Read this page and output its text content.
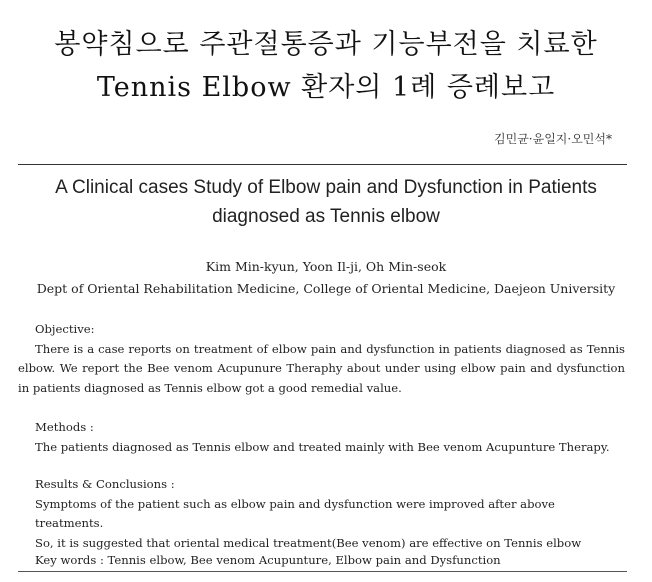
봉약침으로 주관절통증과 기능부전을 치료한
Tennis Elbow 환자의 1례 증례보고
김민균·윤일지·오민석*
A Clinical cases Study of Elbow pain and Dysfunction in Patients
diagnosed as Tennis elbow
Kim Min-kyun, Yoon Il-ji, Oh Min-seok
Dept of Oriental Rehabilitation Medicine, College of Oriental Medicine, Daejeon University
Objective:
There is a case reports on treatment of elbow pain and dysfunction in patients diagnosed as Tennis elbow. We report the Bee venom Acupunure Theraphy about under using elbow pain and dysfunction in patients diagnosed as Tennis elbow got a good remedial value.
Methods :
The patients diagnosed as Tennis elbow and treated mainly with Bee venom Acupunture Therapy.
Results & Conclusions :
Symptoms of the patient such as elbow pain and dysfunction were improved after above treatments.
So, it is suggested that oriental medical treatment(Bee venom) are effective on Tennis elbow
Key words : Tennis elbow, Bee venom Acupunture, Elbow pain and Dysfunction
